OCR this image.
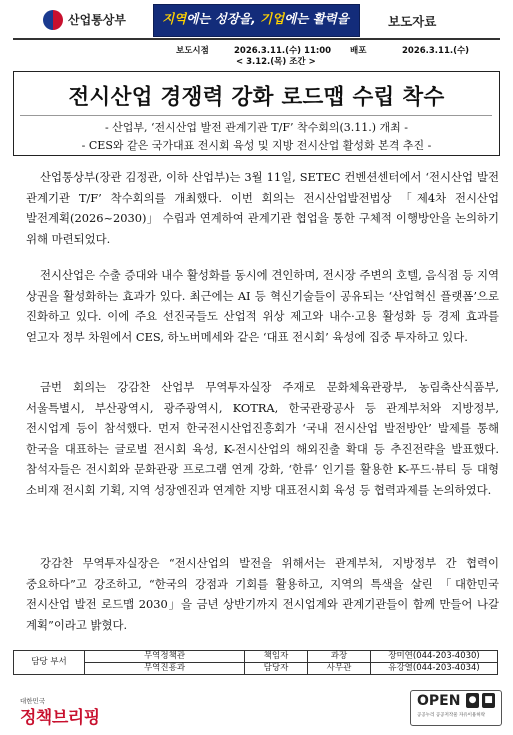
산업통상부	지역에는 성장을, 기업에는 활력을	보도자료
보도시점	2026.3.11.(수) 11:00
< 3.12.(목) 조간 >
배포	2026.3.11.(수)
전시산업 경쟁력 강화 로드맵 수립 착수
- 산업부, ‘전시산업 발전 관계기관 T/F’ 착수회의(3.11.) 개최 -
- CES와 같은 국가대표 전시회 육성 및 지방 전시산업 활성화 본격 추진 -

산업통상부(장관 김정관, 이하 산업부)는 3월 11일, SETEC 컨벤션센터에서 ‘전시산업 발전 관계기관 T/F’ 착수회의를 개최했다. 이번 회의는 전시산업발전법상 「제4차 전시산업 발전계획(2026~2030)」 수립과 연계하여 관계기관 협업을 통한 구체적 이행방안을 논의하기 위해 마련되었다.

전시산업은 수출 증대와 내수 활성화를 동시에 견인하며, 전시장 주변의 호텔, 음식점 등 지역 상권을 활성화하는 효과가 있다. 최근에는 AI 등 혁신기술들이 공유되는 ‘산업혁신 플랫폼’으로 진화하고 있다. 이에 주요 선진국들도 산업적 위상 제고와 내수·고용 활성화 등 경제 효과를 얻고자 정부 차원에서 CES, 하노버메세와 같은 ‘대표 전시회’ 육성에 집중 투자하고 있다.

금번 회의는 강감찬 산업부 무역투자실장 주재로 문화체육관광부, 농림축산식품부, 서울특별시, 부산광역시, 광주광역시, KOTRA, 한국관광공사 등 관계부처와 지방정부, 전시업계 등이 참석했다. 먼저 한국전시산업진흥회가 ‘국내 전시산업 발전방안’ 발제를 통해 한국을 대표하는 글로벌 전시회 육성, K-전시산업의 해외진출 확대 등 추진전략을 발표했다. 참석자들은 전시회와 문화관광 프로그램 연계 강화, ‘한류’ 인기를 활용한 K-푸드·뷰티 등 대형 소비재 전시회 기획, 지역 성장엔진과 연계한 지방 대표전시회 육성 등 협력과제를 논의하였다.

강감찬 무역투자실장은 “전시산업의 발전을 위해서는 관계부처, 지방정부 간 협력이 중요하다”고 강조하고, “한국의 강점과 기회를 활용하고, 지역의 특색을 살린 「대한민국 전시산업 발전 로드맵 2030」을 금년 상반기까지 전시업계와 관계기관들이 함께 만들어 나갈 계획”이라고 밝혔다.

담당 부서	무역정책관	책임자	과장	장미연(044-203-4030)
	무역진흥과	담당자	사무관	유강열(044-203-4034)
대한민국
정책브리핑
OPEN
공공누리 공공저작물 자유이용허락
● ■
